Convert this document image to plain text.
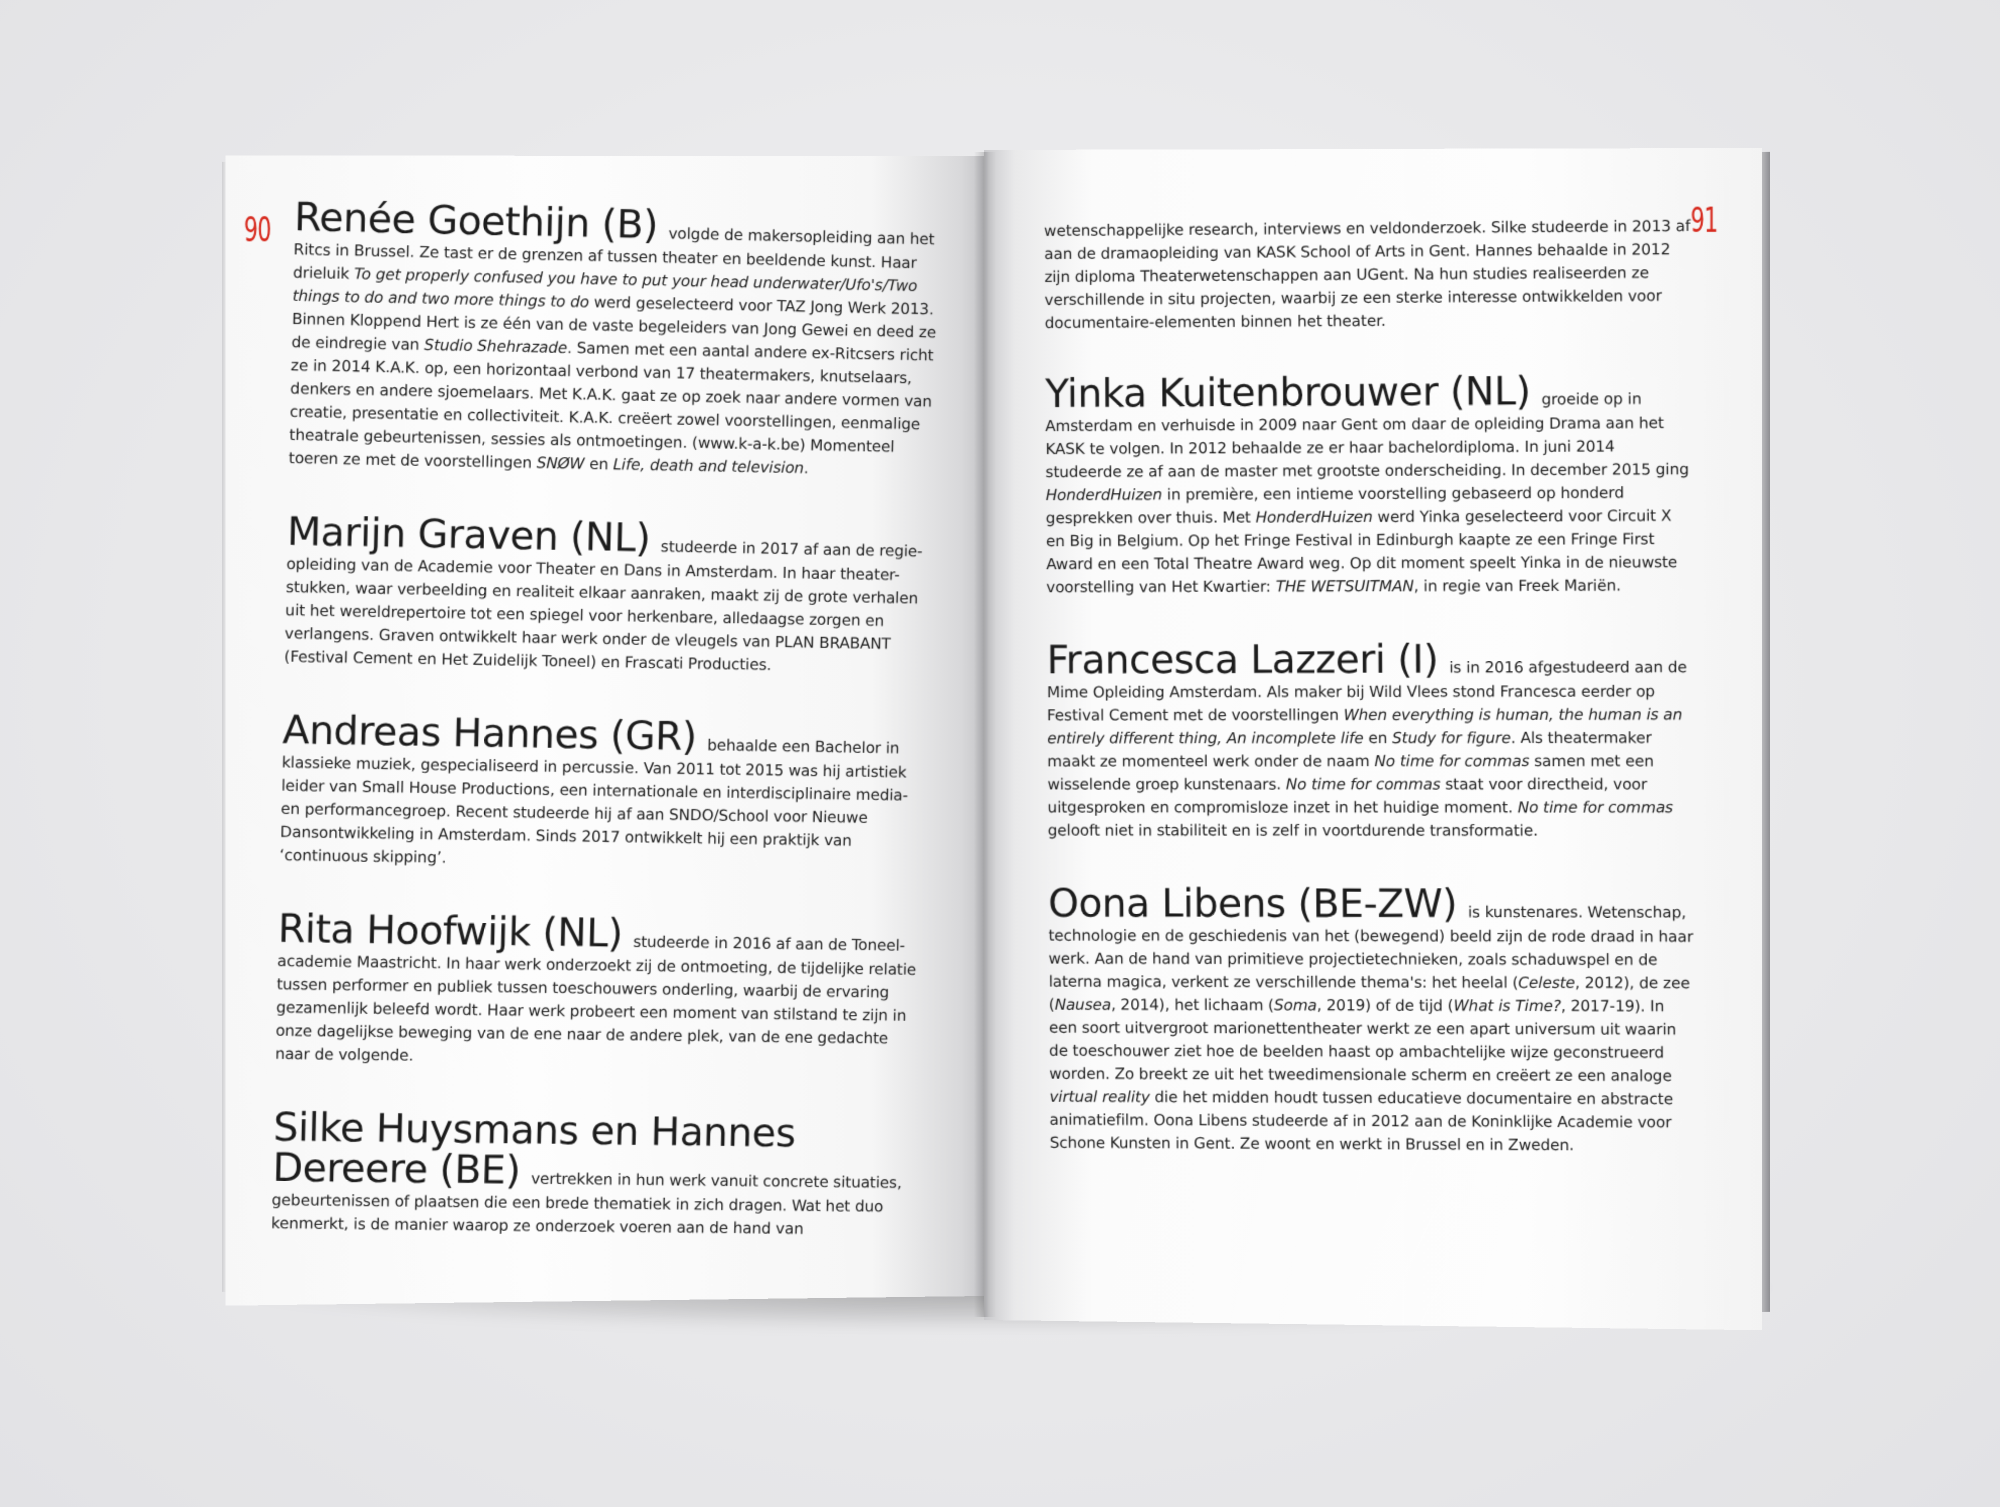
90 Renée Goethijn (B) volgde de makersopleiding aan het Ritcs in Brussel. Ze tast er de grenzen af tussen theater en beeldende kunst. Haar drieluik To get properly confused you have to put your head underwater/Ufo's/Two things to do and two more things to do werd geselecteerd voor TAZ Jong Werk 2013. Binnen Kloppend Hert is ze één van de vaste begeleiders van Jong Gewei en deed ze de eindregie van Studio Shehrazade. Samen met een aantal andere ex-Ritcsers richt ze in 2014 K.A.K. op, een horizontaal verbond van 17 theatermakers, knutselaars, denkers en andere sjoemelaars. Met K.A.K. gaat ze op zoek naar andere vormen van creatie, presentatie en collectiviteit. K.A.K. creëert zowel voorstellingen, eenmalige theatrale gebeurtenissen, sessies als ontmoetingen. (www.k-a-k.be) Momenteel toeren ze met de voorstellingen SNØW en Life, death and television.

Marijn Graven (NL) studeerde in 2017 af aan de regie-opleiding van de Academie voor Theater en Dans in Amsterdam. In haar theater-stukken, waar verbeelding en realiteit elkaar aanraken, maakt zij de grote verhalen uit het wereldrepertoire tot een spiegel voor herkenbare, alledaagse zorgen en verlangens. Graven ontwikkelt haar werk onder de vleugels van PLAN BRABANT (Festival Cement en Het Zuidelijk Toneel) en Frascati Producties.

Andreas Hannes (GR) behaalde een Bachelor in klassieke muziek, gespecialiseerd in percussie. Van 2011 tot 2015 was hij artistiek leider van Small House Productions, een internationale en interdisciplinaire media- en performancegroep. Recent studeerde hij af aan SNDO/School voor Nieuwe Dansontwikkeling in Amsterdam. Sinds 2017 ontwikkelt hij een praktijk van ‘continuous skipping’.

Rita Hoofwijk (NL) studeerde in 2016 af aan de Toneel-academie Maastricht. In haar werk onderzoekt zij de ontmoeting, de tijdelijke relatie tussen performer en publiek tussen toeschouwers onderling, waarbij de ervaring gezamenlijk beleefd wordt. Haar werk probeert een moment van stilstand te zijn in onze dagelijkse beweging van de ene naar de andere plek, van de ene gedachte naar de volgende.

Silke Huysmans en Hannes Dereere (BE) vertrekken in hun werk vanuit concrete situaties, gebeurtenissen of plaatsen die een brede thematiek in zich dragen. Wat het duo kenmerkt, is de manier waarop ze onderzoek voeren aan de hand van

91

wetenschappelijke research, interviews en veldonderzoek. Silke studeerde in 2013 af aan de dramaopleiding van KASK School of Arts in Gent. Hannes behaalde in 2012 zijn diploma Theaterwetenschappen aan UGent. Na hun studies realiseerden ze verschillende in situ projecten, waarbij ze een sterke interesse ontwikkelden voor documentaire-elementen binnen het theater.

Yinka Kuitenbrouwer (NL) groeide op in Amsterdam en verhuisde in 2009 naar Gent om daar de opleiding Drama aan het KASK te volgen. In 2012 behaalde ze er haar bachelordiploma. In juni 2014 studeerde ze af aan de master met grootste onderscheiding. In december 2015 ging HonderdHuizen in première, een intieme voorstelling gebaseerd op honderd gesprekken over thuis. Met HonderdHuizen werd Yinka geselecteerd voor Circuit X en Big in Belgium. Op het Fringe Festival in Edinburgh kaapte ze een Fringe First Award en een Total Theatre Award weg. Op dit moment speelt Yinka in de nieuwste voorstelling van Het Kwartier: THE WETSUITMAN, in regie van Freek Mariën.

Francesca Lazzeri (I) is in 2016 afgestudeerd aan de Mime Opleiding Amsterdam. Als maker bij Wild Vlees stond Francesca eerder op Festival Cement met de voorstellingen When everything is human, the human is an entirely different thing, An incomplete life en Study for figure. Als theatermaker maakt ze momenteel werk onder de naam No time for commas samen met een wisselende groep kunstenaars. No time for commas staat voor directheid, voor uitgesproken en compromisloze inzet in het huidige moment. No time for commas gelooft niet in stabiliteit en is zelf in voortdurende transformatie.

Oona Libens (BE-ZW) is kunstenares. Wetenschap, technologie en de geschiedenis van het (bewegend) beeld zijn de rode draad in haar werk. Aan de hand van primitieve projectietechnieken, zoals schaduwspel en de laterna magica, verkent ze verschillende thema's: het heelal (Celeste, 2012), de zee (Nausea, 2014), het lichaam (Soma, 2019) of de tijd (What is Time?, 2017-19). In een soort uitvergroot marionettentheater werkt ze een apart universum uit waarin de toeschouwer ziet hoe de beelden haast op ambachtelijke wijze geconstrueerd worden. Zo breekt ze uit het tweedimensionale scherm en creëert ze een analoge virtual reality die het midden houdt tussen educatieve documentaire en abstracte animatiefilm. Oona Libens studeerde af in 2012 aan de Koninklijke Academie voor Schone Kunsten in Gent. Ze woont en werkt in Brussel en in Zweden.
